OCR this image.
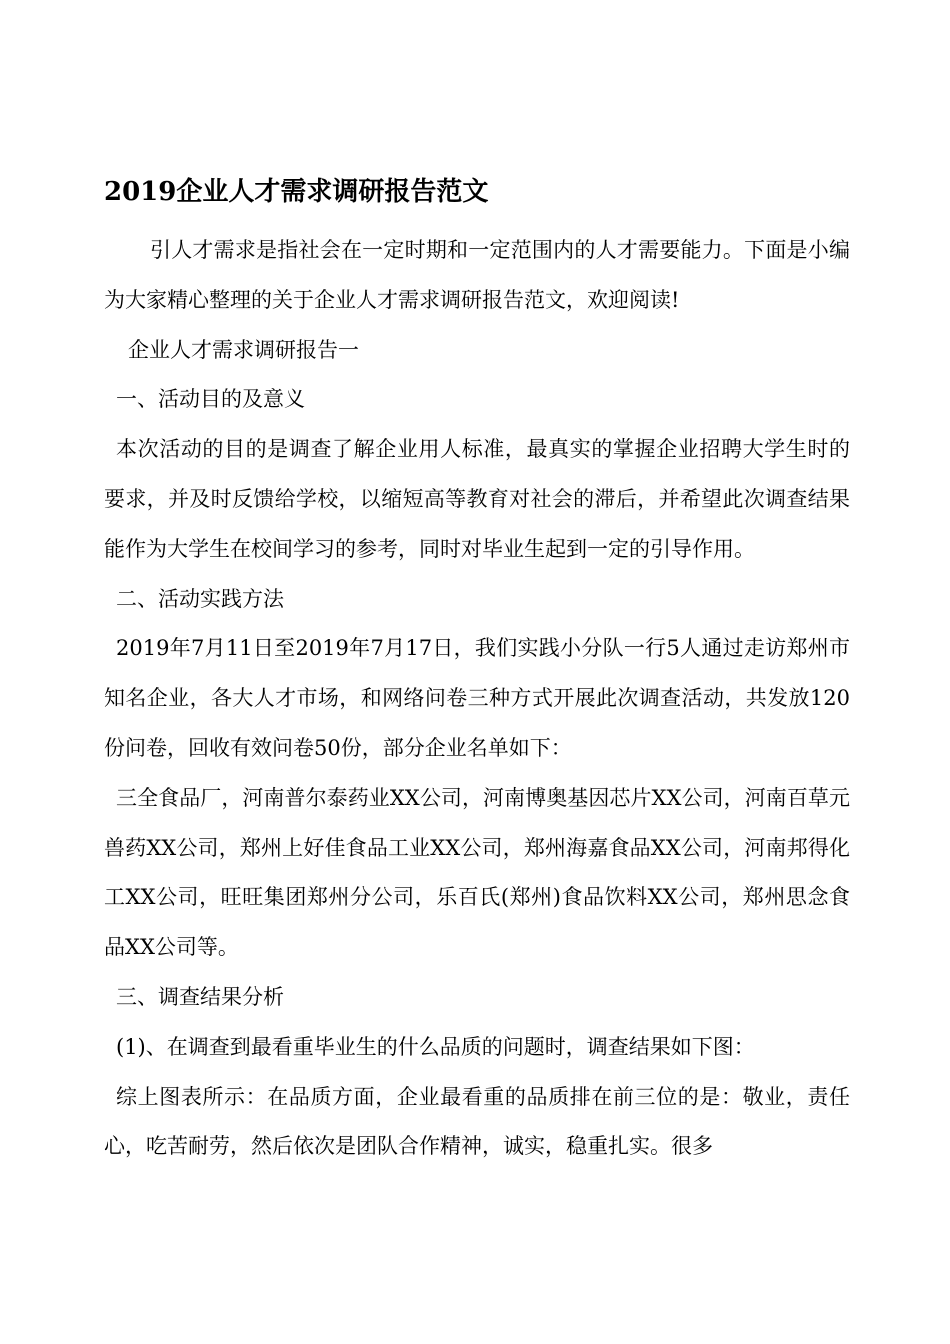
2019企业人才需求调研报告范文

引人才需求是指社会在一定时期和一定范围内的人才需要能力。下面是小编为大家精心整理的关于企业人才需求调研报告范文，欢迎阅读!

企业人才需求调研报告一

一、活动目的及意义

本次活动的目的是调查了解企业用人标准，最真实的掌握企业招聘大学生时的要求，并及时反馈给学校，以缩短高等教育对社会的滞后，并希望此次调查结果能作为大学生在校间学习的参考，同时对毕业生起到一定的引导作用。

二、活动实践方法

2019年7月11日至2019年7月17日，我们实践小分队一行5人通过走访郑州市知名企业，各大人才市场，和网络问卷三种方式开展此次调查活动，共发放120份问卷，回收有效问卷50份，部分企业名单如下：

三全食品厂，河南普尔泰药业XX公司，河南博奥基因芯片XX公司，河南百草元兽药XX公司，郑州上好佳食品工业XX公司，郑州海嘉食品XX公司，河南邦得化工XX公司，旺旺集团郑州分公司，乐百氏(郑州)食品饮料XX公司，郑州思念食品XX公司等。

三、调查结果分析

(1)、在调查到最看重毕业生的什么品质的问题时，调查结果如下图：

综上图表所示：在品质方面，企业最看重的品质排在前三位的是：敬业，责任心，吃苦耐劳，然后依次是团队合作精神，诚实，稳重扎实。很多
